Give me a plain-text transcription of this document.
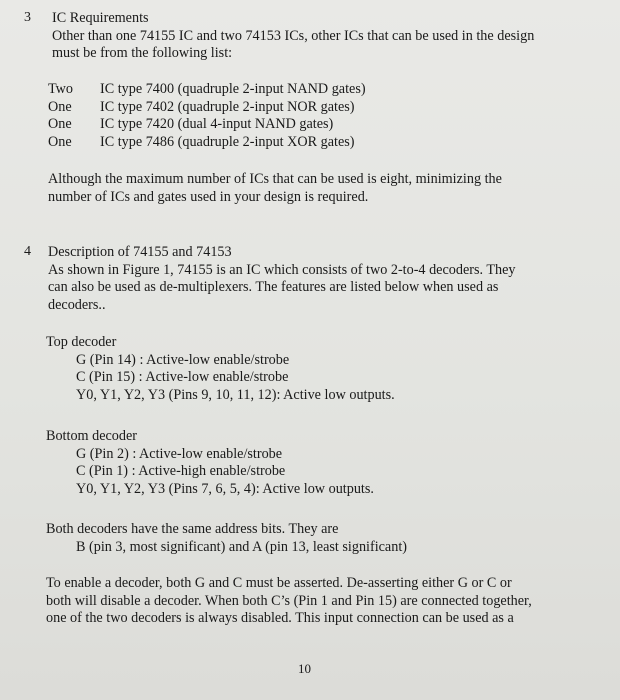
3 IC Requirements
Other than one 74155 IC and two 74153 ICs, other ICs that can be used in the design
must be from the following list:
Two	IC type 7400 (quadruple 2-input NAND gates)
One	IC type 7402 (quadruple 2-input NOR gates)
One	IC type 7420 (dual 4-input NAND gates)
One	IC type 7486 (quadruple 2-input XOR gates)
Although the maximum number of ICs that can be used is eight, minimizing the
number of ICs and gates used in your design is required.
4 Description of 74155 and 74153
As shown in Figure 1, 74155 is an IC which consists of two 2-to-4 decoders. They
can also be used as de-multiplexers. The features are listed below when used as
decoders..
Top decoder
G (Pin 14) : Active-low enable/strobe
C (Pin 15) : Active-low enable/strobe
Y0, Y1, Y2, Y3 (Pins 9, 10, 11, 12): Active low outputs.
Bottom decoder
G (Pin 2) : Active-low enable/strobe
C (Pin 1) : Active-high enable/strobe
Y0, Y1, Y2, Y3 (Pins 7, 6, 5, 4): Active low outputs.
Both decoders have the same address bits. They are
B (pin 3, most significant) and A (pin 13, least significant)
To enable a decoder, both G and C must be asserted. De-asserting either G or C or
both will disable a decoder. When both C’s (Pin 1 and Pin 15) are connected together,
one of the two decoders is always disabled. This input connection can be used as a
10
